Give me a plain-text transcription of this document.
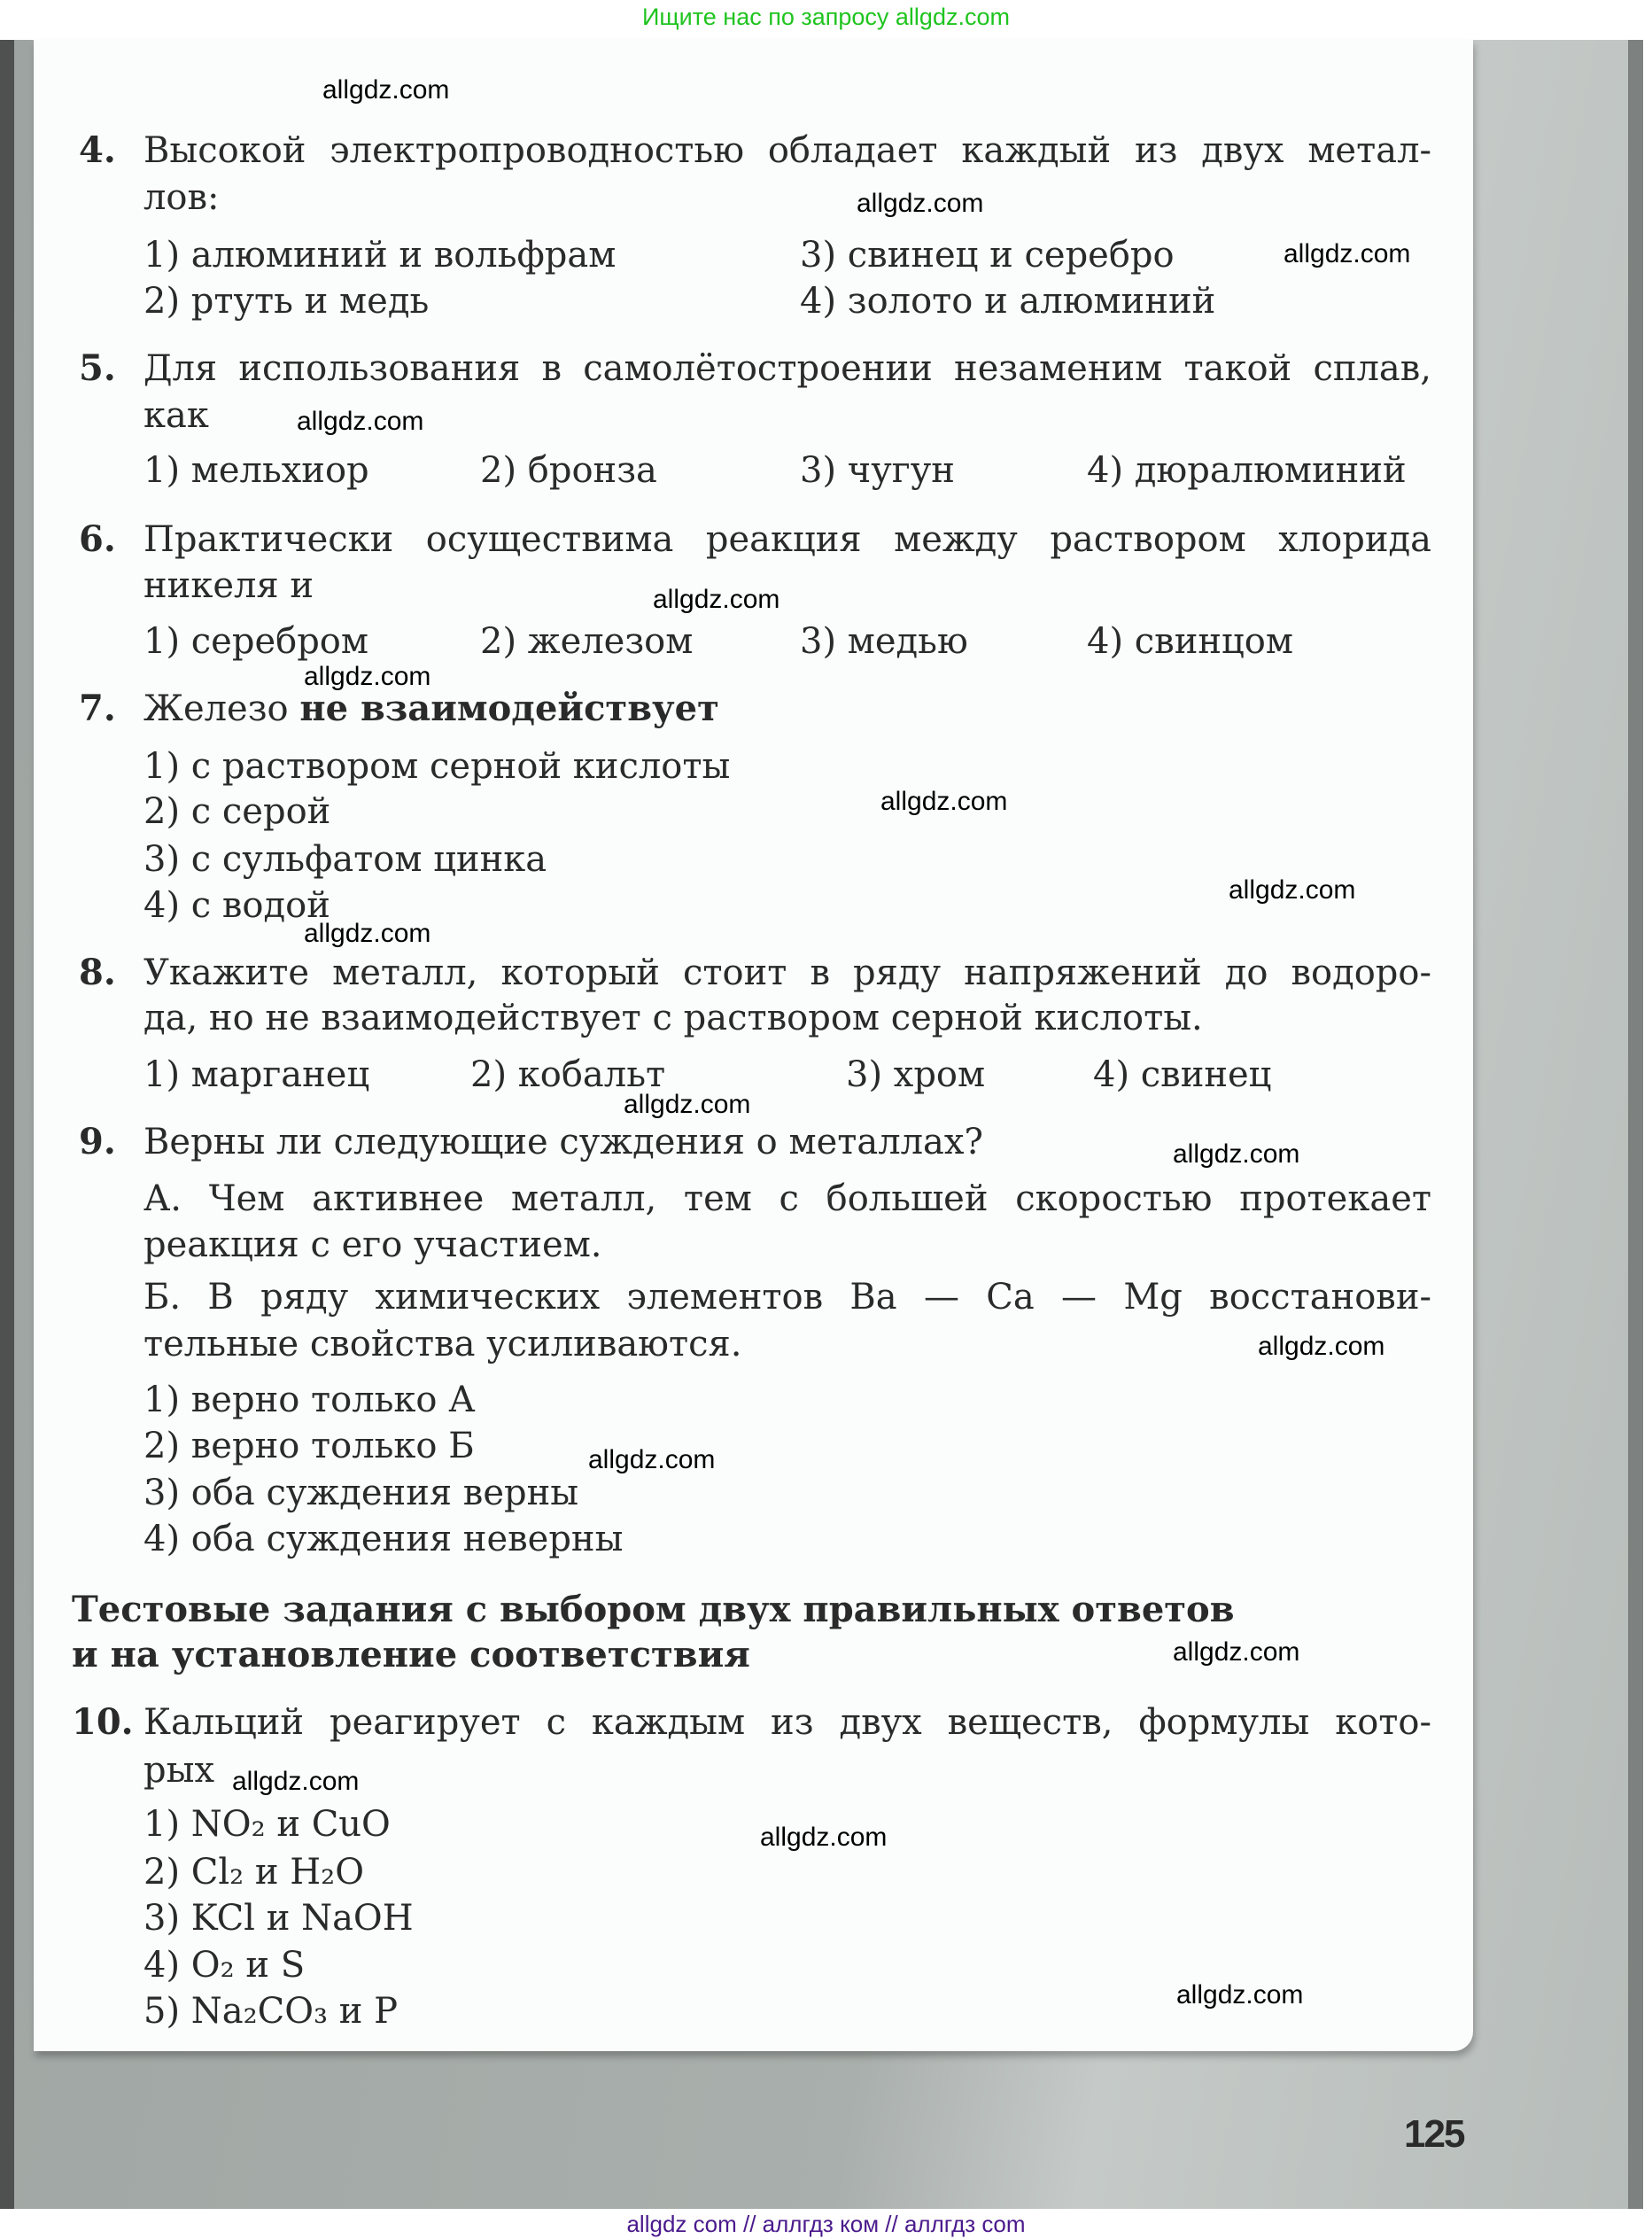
Ищите нас по запросу allgdz.com
4. Высокой электропроводностью обладает каждый из двух метал-
лов:
1) алюминий и вольфрам	3) свинец и серебро
2) ртуть и медь	4) золото и алюминий
5. Для использования в самолётостроении незаменим такой сплав,
как
1) мельхиор	2) бронза	3) чугун	4) дюралюминий
6. Практически осуществима реакция между раствором хлорида
никеля и
1) серебром	2) железом	3) медью	4) свинцом
7. Железо не взаимодействует
1) с раствором серной кислоты
2) с серой
3) с сульфатом цинка
4) с водой
8. Укажите металл, который стоит в ряду напряжений до водоро-
да, но не взаимодействует с раствором серной кислоты.
1) марганец	2) кобальт	3) хром	4) свинец
9. Верны ли следующие суждения о металлах?
А. Чем активнее металл, тем с большей скоростью протекает
реакция с его участием.
Б. В ряду химических элементов Ba — Ca — Mg восстанови-
тельные свойства усиливаются.
1) верно только А
2) верно только Б
3) оба суждения верны
4) оба суждения неверны
Тестовые задания с выбором двух правильных ответов
и на установление соответствия
10. Кальций реагирует с каждым из двух веществ, формулы кото-
рых
1) NO₂ и CuO
2) Cl₂ и H₂O
3) KCl и NaOH
4) O₂ и S
5) Na₂CO₃ и P
allgdz.com
allgdz.com
allgdz.com
allgdz.com
allgdz.com
allgdz.com
allgdz.com
allgdz.com
allgdz.com
allgdz.com
allgdz.com
allgdz.com
allgdz.com
allgdz.com
allgdz.com
allgdz.com
allgdz.com
125
allgdz com // аллгдз ком // аллгдз com
